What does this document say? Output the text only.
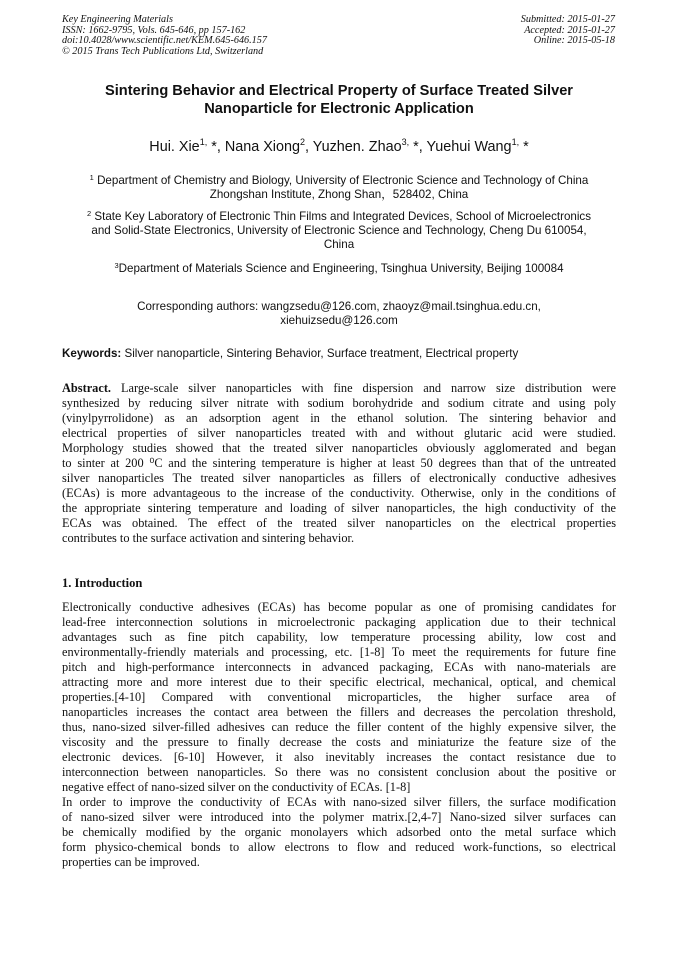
Key Engineering Materials
ISSN: 1662-9795, Vols. 645-646, pp 157-162
doi:10.4028/www.scientific.net/KEM.645-646.157
© 2015 Trans Tech Publications Ltd, Switzerland
Submitted: 2015-01-27
Accepted: 2015-01-27
Online: 2015-05-18
Sintering Behavior and Electrical Property of Surface Treated Silver
Nanoparticle for Electronic Application
Hui. Xie$^{1,}$ *, Nana Xiong$^2$, Yuzhen. Zhao$^{3,}$ *, Yuehui Wang$^{1,}$ *
$^1$ Department of Chemistry and Biology, University of Electronic Science and Technology of China
Zhongshan Institute, Zhong Shan，528402, China
$^2$ State Key Laboratory of Electronic Thin Films and Integrated Devices, School of Microelectronics
and Solid-State Electronics, University of Electronic Science and Technology, Cheng Du 610054,
China
$^3$Department of Materials Science and Engineering, Tsinghua University, Beijing 100084
Corresponding authors: wangzsedu@126.com, zhaoyz@mail.tsinghua.edu.cn,
xiehuizsedu@126.com
Keywords: Silver nanoparticle, Sintering Behavior, Surface treatment, Electrical property
Abstract. Large-scale silver nanoparticles with fine dispersion and narrow size distribution were
synthesized by reducing silver nitrate with sodium borohydride and sodium citrate and using poly
(vinylpyrrolidone) as an adsorption agent in the ethanol solution. The sintering behavior and
electrical properties of silver nanoparticles treated with and without glutaric acid were studied.
Morphology studies showed that the treated silver nanoparticles obviously agglomerated and began
to sinter at 200 ⁰C and the sintering temperature is higher at least 50 degrees than that of the untreated
silver nanoparticles The treated silver nanoparticles as fillers of electronically conductive adhesives
(ECAs) is more advantageous to the increase of the conductivity. Otherwise, only in the conditions of
the appropriate sintering temperature and loading of silver nanoparticles, the high conductivity of the
ECAs was obtained. The effect of the treated silver nanoparticles on the electrical properties
contributes to the surface activation and sintering behavior.
1. Introduction
Electronically conductive adhesives (ECAs) has become popular as one of promising candidates for
lead-free interconnection solutions in microelectronic packaging application due to their technical
advantages such as fine pitch capability, low temperature processing ability, low cost and
environmentally-friendly materials and processing, etc. [1-8] To meet the requirements for future fine
pitch and high-performance interconnects in advanced packaging, ECAs with nano-materials are
attracting more and more interest due to their specific electrical, mechanical, optical, and chemical
properties.[4-10] Compared with conventional microparticles, the higher surface area of
nanoparticles increases the contact area between the fillers and decreases the percolation threshold,
thus, nano-sized silver-filled adhesives can reduce the filler content of the highly expensive silver, the
viscosity and the pressure to finally decrease the costs and miniaturize the feature size of the
electronic devices. [6-10] However, it also inevitably increases the contact resistance due to
interconnection between nanoparticles. So there was no consistent conclusion about the positive or
negative effect of nano-sized silver on the conductivity of ECAs. [1-8]
In order to improve the conductivity of ECAs with nano-sized silver fillers, the surface modification
of nano-sized silver were introduced into the polymer matrix.[2,4-7] Nano-sized silver surfaces can
be chemically modified by the organic monolayers which adsorbed onto the metal surface which
form physico-chemical bonds to allow electrons to flow and reduced work-functions, so electrical
properties can be improved.
